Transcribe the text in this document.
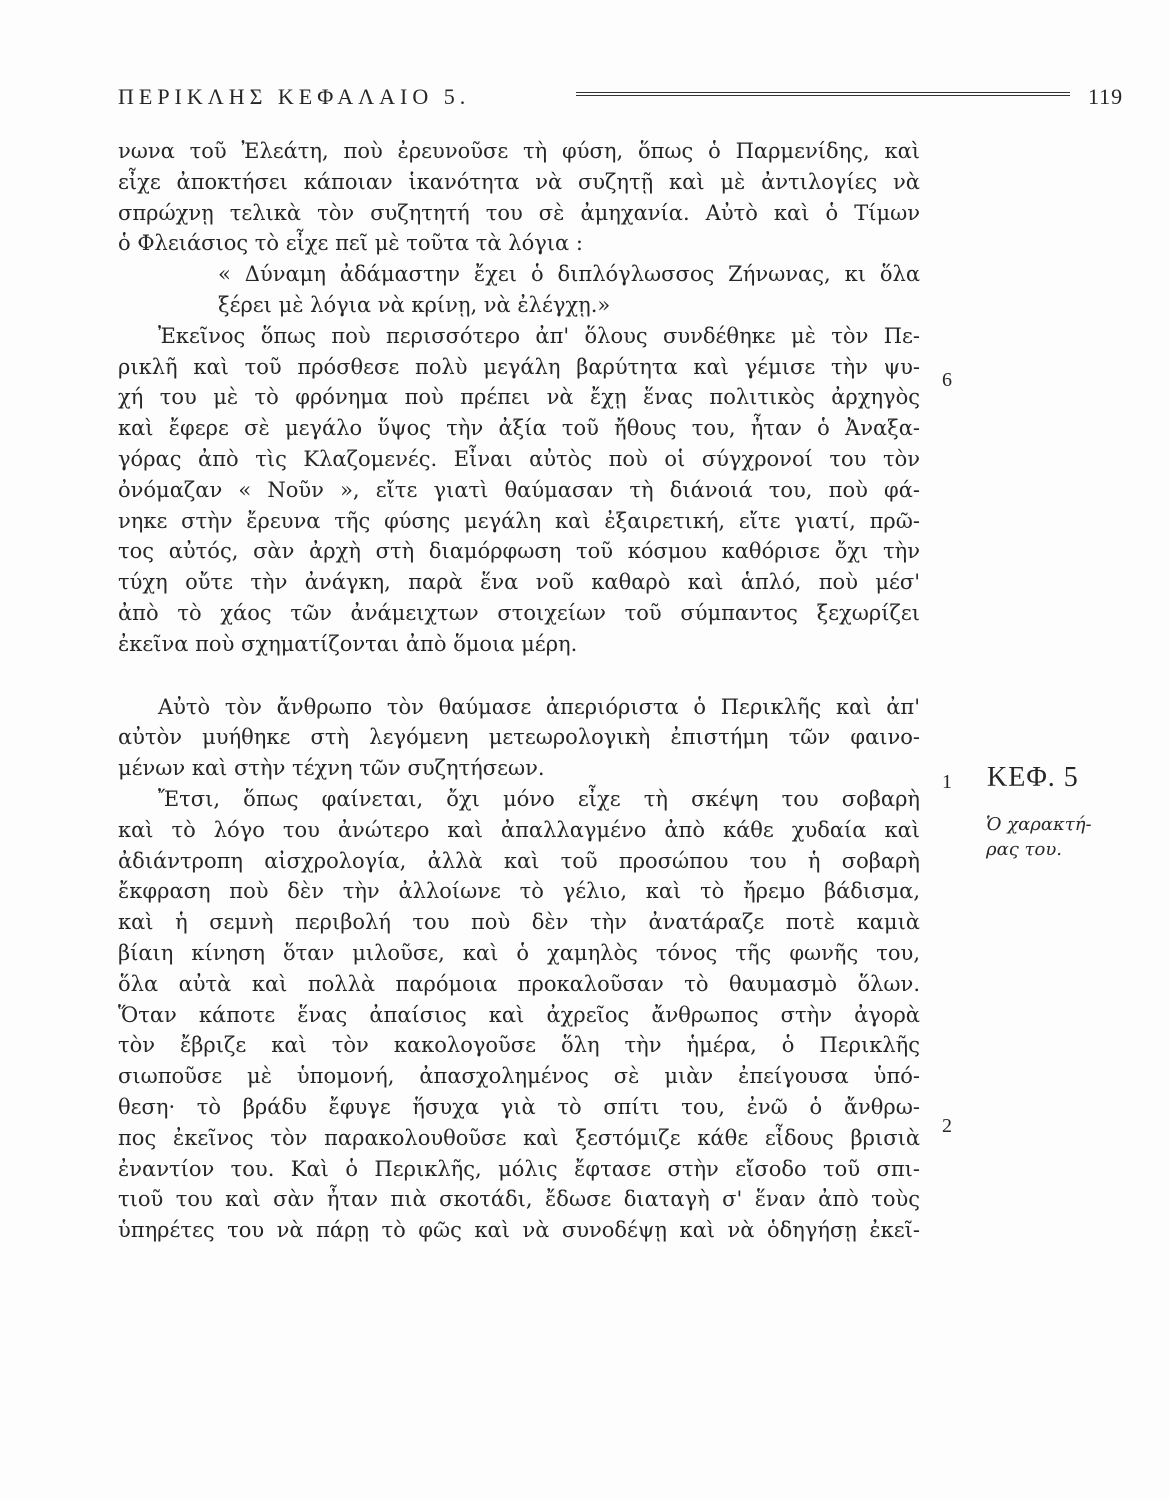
ΠΕΡΙΚΛΗΣ ΚΕΦΑΛΑΙΟ 5.	119
νωνα τοῦ Ἐλεάτη, ποὺ ἐρευνοῦσε τὴ φύση, ὅπως ὁ Παρμενίδης, καὶ
εἶχε ἀποκτήσει κάποιαν ἱκανότητα νὰ συζητῇ καὶ μὲ ἀντιλογίες νὰ
σπρώχνῃ τελικὰ τὸν συζητητή του σὲ ἀμηχανία. Αὐτὸ καὶ ὁ Τίμων
ὁ Φλειάσιος τὸ εἶχε πεῖ μὲ τοῦτα τὰ λόγια :
« Δύναμη ἀδάμαστην ἔχει ὁ διπλόγλωσσος Ζήνωνας, κι ὅλα
ξέρει μὲ λόγια νὰ κρίνῃ, νὰ ἐλέγχῃ.»
Ἐκεῖνος ὅπως ποὺ περισσότερο ἀπ' ὅλους συνδέθηκε μὲ τὸν Πε-
ρικλῆ καὶ τοῦ πρόσθεσε πολὺ μεγάλη βαρύτητα καὶ γέμισε τὴν ψυ-
χή του μὲ τὸ φρόνημα ποὺ πρέπει νὰ ἔχῃ ἕνας πολιτικὸς ἀρχηγὸς
καὶ ἔφερε σὲ μεγάλο ὕψος τὴν ἀξία τοῦ ἤθους του, ἦταν ὁ Ἀναξα-
γόρας ἀπὸ τὶς Κλαζομενές. Εἶναι αὐτὸς ποὺ οἱ σύγχρονοί του τὸν
ὀνόμαζαν « Νοῦν », εἴτε γιατὶ θαύμασαν τὴ διάνοιά του, ποὺ φά-
νηκε στὴν ἔρευνα τῆς φύσης μεγάλη καὶ ἐξαιρετική, εἴτε γιατί, πρῶ-
τος αὐτός, σὰν ἀρχὴ στὴ διαμόρφωση τοῦ κόσμου καθόρισε ὄχι τὴν
τύχη οὔτε τὴν ἀνάγκη, παρὰ ἕνα νοῦ καθαρὸ καὶ ἁπλό, ποὺ μέσ'
ἀπὸ τὸ χάος τῶν ἀνάμειχτων στοιχείων τοῦ σύμπαντος ξεχωρίζει
ἐκεῖνα ποὺ σχηματίζονται ἀπὸ ὅμοια μέρη.
Αὐτὸ τὸν ἄνθρωπο τὸν θαύμασε ἀπεριόριστα ὁ Περικλῆς καὶ ἀπ'
αὐτὸν μυήθηκε στὴ λεγόμενη μετεωρολογικὴ ἐπιστήμη τῶν φαινο-
μένων καὶ στὴν τέχνη τῶν συζητήσεων.
Ἔτσι, ὅπως φαίνεται, ὄχι μόνο εἶχε τὴ σκέψη του σοβαρὴ
καὶ τὸ λόγο του ἀνώτερο καὶ ἀπαλλαγμένο ἀπὸ κάθε χυδαία καὶ
ἀδιάντροπη αἰσχρολογία, ἀλλὰ καὶ τοῦ προσώπου του ἡ σοβαρὴ
ἔκφραση ποὺ δὲν τὴν ἀλλοίωνε τὸ γέλιο, καὶ τὸ ἤρεμο βάδισμα,
καὶ ἡ σεμνὴ περιβολή του ποὺ δὲν τὴν ἀνατάραζε ποτὲ καμιὰ
βίαιη κίνηση ὅταν μιλοῦσε, καὶ ὁ χαμηλὸς τόνος τῆς φωνῆς του,
ὅλα αὐτὰ καὶ πολλὰ παρόμοια προκαλοῦσαν τὸ θαυμασμὸ ὅλων.
Ὅταν κάποτε ἕνας ἀπαίσιος καὶ ἀχρεῖος ἄνθρωπος στὴν ἀγορὰ
τὸν ἔβριζε καὶ τὸν κακολογοῦσε ὅλη τὴν ἡμέρα, ὁ Περικλῆς
σιωποῦσε μὲ ὑπομονή, ἀπασχολημένος σὲ μιὰν ἐπείγουσα ὑπό-
θεση· τὸ βράδυ ἔφυγε ἥσυχα γιὰ τὸ σπίτι του, ἐνῶ ὁ ἄνθρω-
πος ἐκεῖνος τὸν παρακολουθοῦσε καὶ ξεστόμιζε κάθε εἶδους βρισιὰ
ἐναντίον του. Καὶ ὁ Περικλῆς, μόλις ἔφτασε στὴν εἴσοδο τοῦ σπι-
τιοῦ του καὶ σὰν ἦταν πιὰ σκοτάδι, ἔδωσε διαταγὴ σ' ἕναν ἀπὸ τοὺς
ὑπηρέτες του νὰ πάρῃ τὸ φῶς καὶ νὰ συνοδέψῃ καὶ νὰ ὁδηγήσῃ ἐκεῖ-
6
1
2
ΚΕΦ. 5
Ὁ χαρακτή-
ρας του.
